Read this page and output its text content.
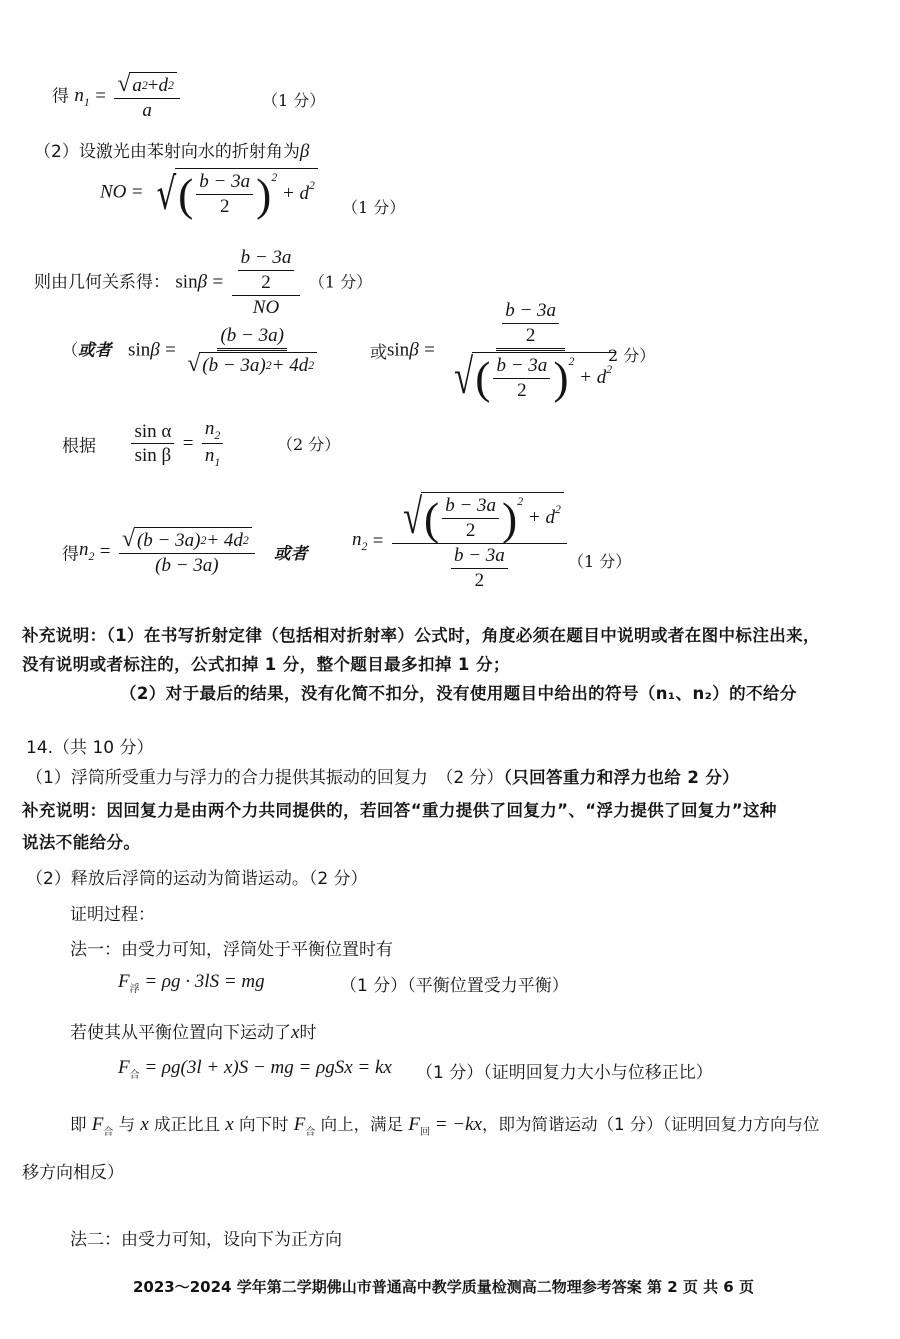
得 $n_1 = \frac{√ a 2 + d 2}{a}$	（1 分）
（2）设激光由苯射向水的折射角为β
NO = √ ( $\frac{b - 3a}{2} )^2$

+ $d^2$
（1 分）
则由几何关系得： $\sin\beta = \frac{\frac{b - 3a}{2}}{NO} (1$ 分）
（或者 $\sin\beta = \frac{(b - 3a)}{√ (b - 3a) 2 + 4d 2}$	或$\sin\beta = \frac{b - 3a}{2}$
√ ( $\frac{b - 3a}{2} )^2$

+ $d^2$
2 分）
根据 $\frac{\text{sin α}}{\text{sin β}} = \frac{n_2}{n_1}$	（2 分）
得$n_2 = \frac{√ (b - 3a) 2 + 4d 2}{(b - 3a)}$ 或者
$n_2$ = √ ( $\frac{b - 3a}{2} )^2$

+ $d^2$
$\frac{b - 3a}{2} (1$ 分）
补充说明：（1）在书写折射定律（包括相对折射率）公式时，角度必须在题目中说明或者在图中标注出来，
没有说明或者标注的，公式扣掉 1 分，整个题目最多扣掉 1 分；
（2）对于最后的结果，没有化简不扣分，没有使用题目中给出的符号（n₁、n₂）的不给分
14.（共 10 分）
（1）浮筒所受重力与浮力的合力提供其振动的回复力　（2 分）（只回答重力和浮力也给 2 分）
补充说明：因回复力是由两个力共同提供的，若回答“重力提供了回复力”、“浮力提供了回复力”这种
说法不能给分。
（2）释放后浮筒的运动为简谐运动。（2 分）
证明过程：
法一：由受力可知，浮筒处于平衡位置时有
$F_浮 = \rho g \cdot 3lS$ = mg	（1 分）（平衡位置受力平衡）
若使其从平衡位置向下运动了x时
$F_合 = \rho g(3l + x)S$ − mg = ρgSx = kx （1 分）（证明回复力大小与位移正比）
即 $F_合$ 与 x 成正比且 x 向下时 $F_合$ 向上，满足 $F_回 = -kx$，即为简谐运动（1 分）（证明回复力方向与位
移方向相反）
法二：由受力可知，设向下为正方向
2023～2024 学年第二学期佛山市普通高中教学质量检测高二物理参考答案 第 2 页 共 6 页
